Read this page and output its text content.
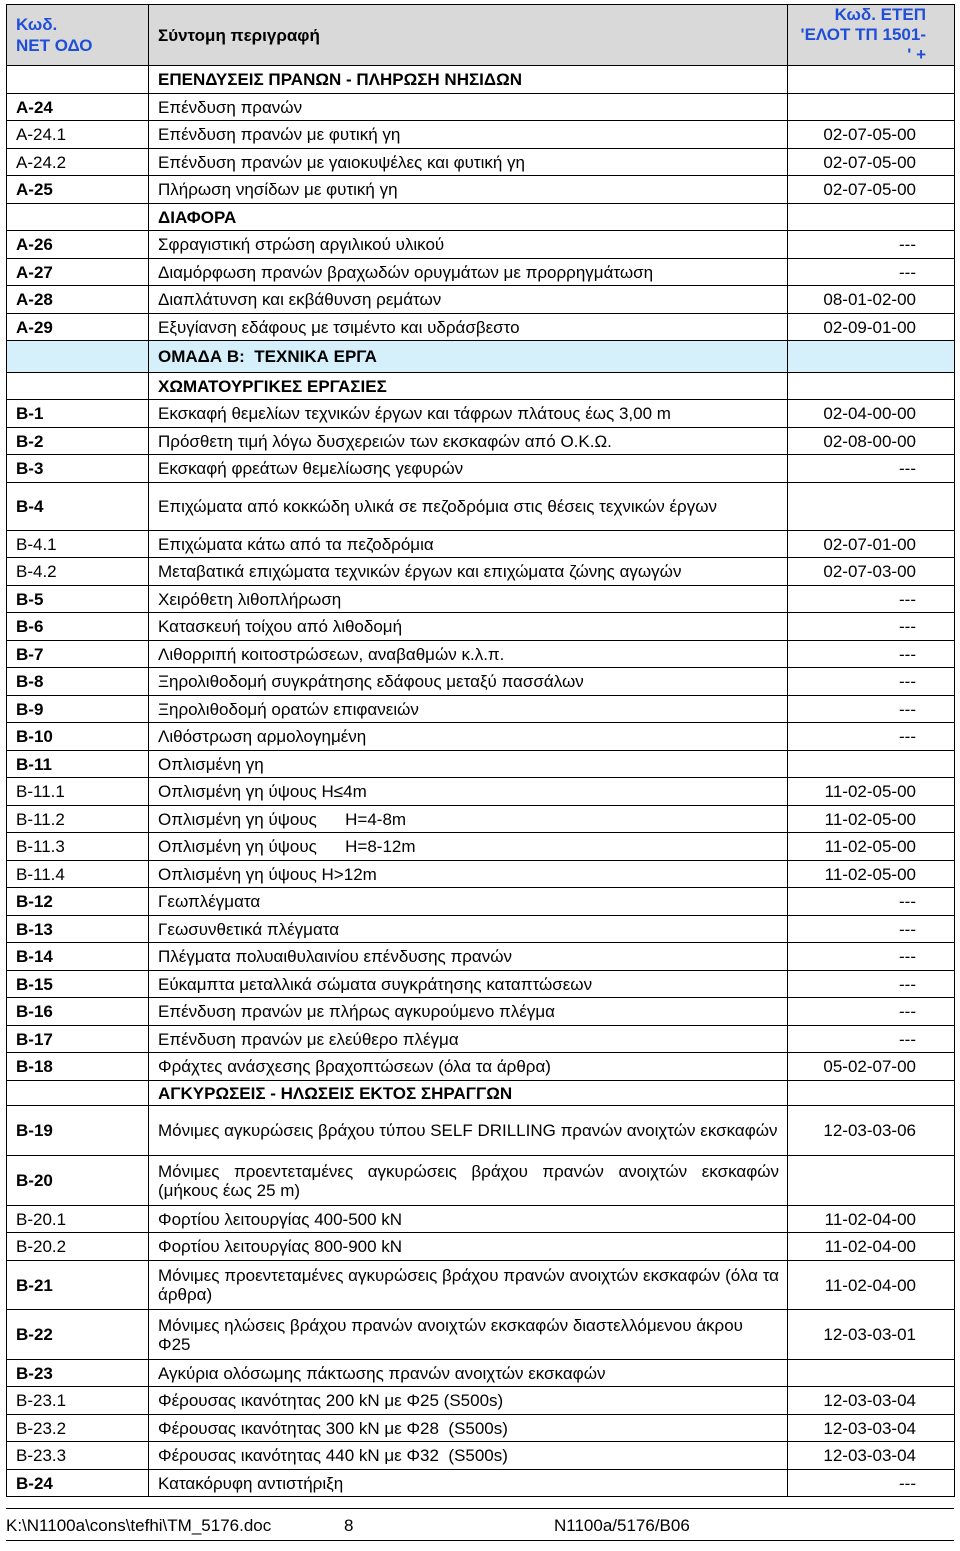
Κωδ.
ΝΕΤ ΟΔΟ	Σύντομη περιγραφή	Κωδ. ΕΤΕΠ
'ΕΛΟΤ ΤΠ 1501-' +
	ΕΠΕΝΔΥΣΕΙΣ ΠΡΑΝΩΝ - ΠΛΗΡΩΣΗ ΝΗΣΙΔΩΝ	
A-24	Επένδυση πρανών	
A-24.1	Επένδυση πρανών με φυτική γη	02-07-05-00
A-24.2	Επένδυση πρανών με γαιοκυψέλες και φυτική γη	02-07-05-00
A-25	Πλήρωση νησίδων με φυτική γη	02-07-05-00
	ΔΙΑΦΟΡΑ	
A-26	Σφραγιστική στρώση αργιλικού υλικού	---
A-27	Διαμόρφωση πρανών βραχωδών ορυγμάτων με προρρηγμάτωση	---
A-28	Διαπλάτυνση και εκβάθυνση ρεμάτων	08-01-02-00
A-29	Εξυγίανση εδάφους με τσιμέντο και υδράσβεστο	02-09-01-00
	ΟΜΑΔΑ Β:  ΤΕΧΝΙΚΑ ΕΡΓΑ	
	ΧΩΜΑΤΟΥΡΓΙΚΕΣ ΕΡΓΑΣΙΕΣ	
B-1	Εκσκαφή θεμελίων τεχνικών έργων και τάφρων πλάτους έως 3,00 m	02-04-00-00
B-2	Πρόσθετη τιμή λόγω δυσχερειών των εκσκαφών από Ο.Κ.Ω.	02-08-00-00
B-3	Εκσκαφή φρεάτων θεμελίωσης γεφυρών	---
B-4	Επιχώματα από κοκκώδη υλικά σε πεζοδρόμια στις θέσεις τεχνικών έργων	
B-4.1	Επιχώματα κάτω από τα πεζοδρόμια	02-07-01-00
B-4.2	Μεταβατικά επιχώματα τεχνικών έργων και επιχώματα ζώνης αγωγών	02-07-03-00
B-5	Χειρόθετη λιθοπλήρωση	---
B-6	Κατασκευή τοίχου από λιθοδομή	---
B-7	Λιθορριπή κοιτοστρώσεων, αναβαθμών κ.λ.π.	---
B-8	Ξηρολιθοδομή συγκράτησης εδάφους μεταξύ πασσάλων	---
B-9	Ξηρολιθοδομή ορατών επιφανειών	---
B-10	Λιθόστρωση αρμολογημένη	---
B-11	Οπλισμένη γη	
B-11.1	Οπλισμένη γη ύψους H≤4m	11-02-05-00
B-11.2	Οπλισμένη γη ύψους      H=4-8m	11-02-05-00
B-11.3	Οπλισμένη γη ύψους      H=8-12m	11-02-05-00
B-11.4	Οπλισμένη γη ύψους H>12m	11-02-05-00
B-12	Γεωπλέγματα	---
B-13	Γεωσυνθετικά πλέγματα	---
B-14	Πλέγματα πολυαιθυλαινίου επένδυσης πρανών	---
B-15	Εύκαμπτα μεταλλικά σώματα συγκράτησης καταπτώσεων	---
B-16	Επένδυση πρανών με πλήρως αγκυρούμενο πλέγμα	---
B-17	Επένδυση πρανών με ελεύθερο πλέγμα	---
B-18	Φράχτες ανάσχεσης βραχοπτώσεων (όλα τα άρθρα)	05-02-07-00
	ΑΓΚΥΡΩΣΕΙΣ - ΗΛΩΣΕΙΣ ΕΚΤΟΣ ΣΗΡΑΓΓΩΝ	
B-19	Μόνιμες αγκυρώσεις βράχου τύπου SELF DRILLING πρανών ανοιχτών εκσκαφών	12-03-03-06
B-20	Μόνιμες προεντεταμένες αγκυρώσεις βράχου πρανών ανοιχτών εκσκαφών (μήκους έως 25 m)	
B-20.1	Φορτίου λειτουργίας 400-500 kN	11-02-04-00
B-20.2	Φορτίου λειτουργίας 800-900 kN	11-02-04-00
B-21	Μόνιμες προεντεταμένες αγκυρώσεις βράχου πρανών ανοιχτών εκσκαφών (όλα τα άρθρα)	11-02-04-00
B-22	Μόνιμες ηλώσεις βράχου πρανών ανοιχτών εκσκαφών διαστελλόμενου άκρου Φ25	12-03-03-01
B-23	Αγκύρια ολόσωμης πάκτωσης πρανών ανοιχτών εκσκαφών	
B-23.1	Φέρουσας ικανότητας 200 kN με Φ25 (S500s)	12-03-03-04
B-23.2	Φέρουσας ικανότητας 300 kN με Φ28  (S500s)	12-03-03-04
B-23.3	Φέρουσας ικανότητας 440 kN με Φ32  (S500s)	12-03-03-04
B-24	Κατακόρυφη αντιστήριξη	---
K:\N1100a\cons\tefhi\TM_5176.doc	8	N1100a/5176/B06
